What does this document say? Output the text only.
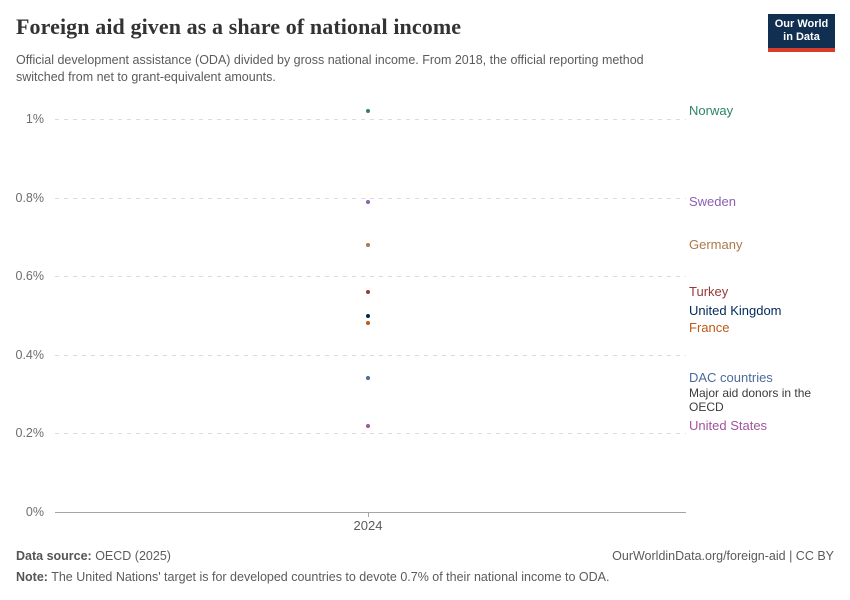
Foreign aid given as a share of national income	Our World
in Data

Official development assistance (ODA) divided by gross national income. From 2018, the official reporting method switched from net to grant-equivalent amounts.

0%
0.2%
0.4%
0.6%
0.8%
1%
2024
Norway
Sweden
Germany
Turkey
United Kingdom
France
DAC countries
Major aid donors in the OECD
United States
Data source: OECD (2025)	OurWorldinData.org/foreign-aid | CC BY
Note: The United Nations' target is for developed countries to devote 0.7% of their national income to ODA.
